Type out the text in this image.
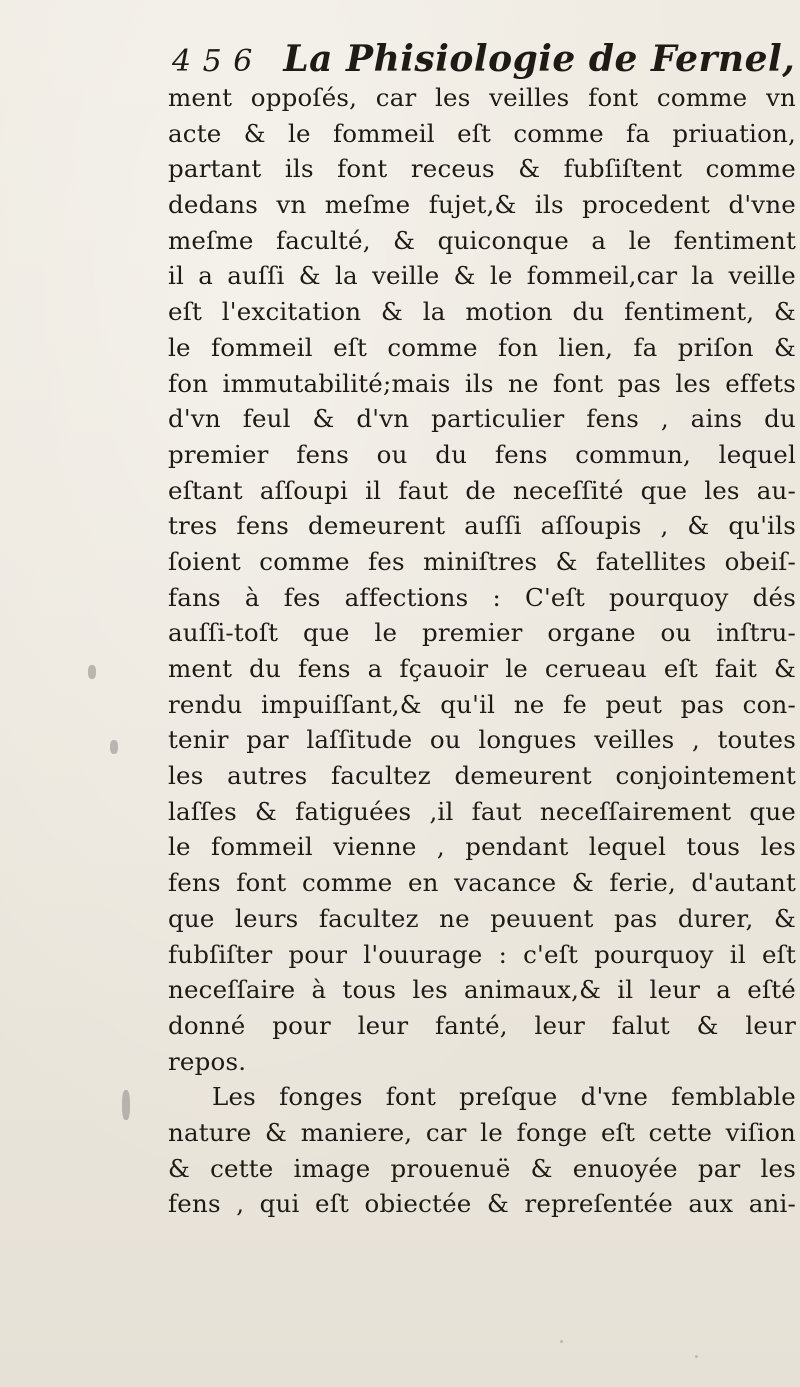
4 5 6 La Phisiologie de Fernel,
ment oppoſés, car les veilles font comme vn
acte & le fommeil eſt comme fa priuation,
partant ils font receus & fubſiſtent comme
dedans vn meſme fujet,& ils procedent d'vne
meſme faculté, & quiconque a le fentiment
il a auſſi & la veille & le fommeil,car la veille
eſt l'excitation & la motion du fentiment, &
le fommeil eſt comme fon lien, fa priſon &
fon immutabilité;mais ils ne font pas les effets
d'vn feul & d'vn particulier fens , ains du
premier fens ou du fens commun, lequel
eſtant aſſoupi il faut de neceſſité que les au-
tres fens demeurent auſſi aſſoupis , & qu'ils
ſoient comme fes miniſtres & fatellites obeiſ-
fans à fes affections : C'eſt pourquoy dés
auſſi-toſt que le premier organe ou inſtru-
ment du fens a fçauoir le cerueau eſt fait &
rendu impuiſſant,& qu'il ne fe peut pas con-
tenir par laſſitude ou longues veilles , toutes
les autres facultez demeurent conjointement
laſſes & fatiguées ,il faut neceſſairement que
le fommeil vienne , pendant lequel tous les
fens font comme en vacance & ferie, d'autant
que leurs facultez ne peuuent pas durer, &
fubſiſter pour l'ouurage : c'eſt pourquoy il eſt
neceſſaire à tous les animaux,& il leur a eſté
donné pour leur fanté, leur falut & leur
repos.
Les fonges font preſque d'vne femblable
nature & maniere, car le fonge eſt cette viſion
& cette image prouenuë & enuoyée par les
fens , qui eſt obiectée & repreſentée aux ani-
